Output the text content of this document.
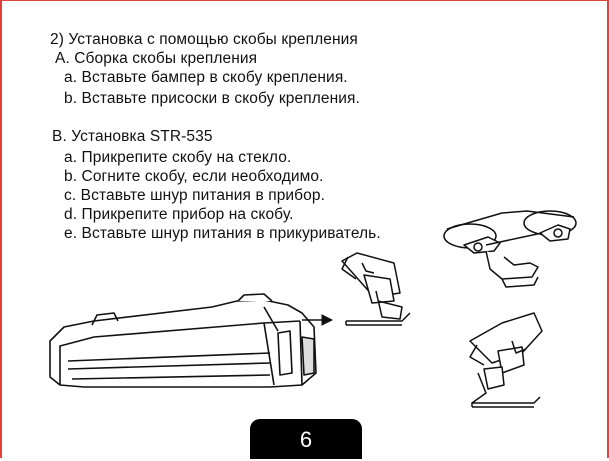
2) Установка с помощью скобы крепления
A. Сборка скобы крепления
a. Вставьте бампер в скобу крепления.
b. Вставьте присоски в скобу крепления.
B. Установка STR-535
a. Прикрепите скобу на стекло.
b. Согните скобу, если необходимо.
c. Вставьте шнур питания в прибор.
d. Прикрепите прибор на скобу.
e. Вставьте шнур питания в прикуриватель.
6
